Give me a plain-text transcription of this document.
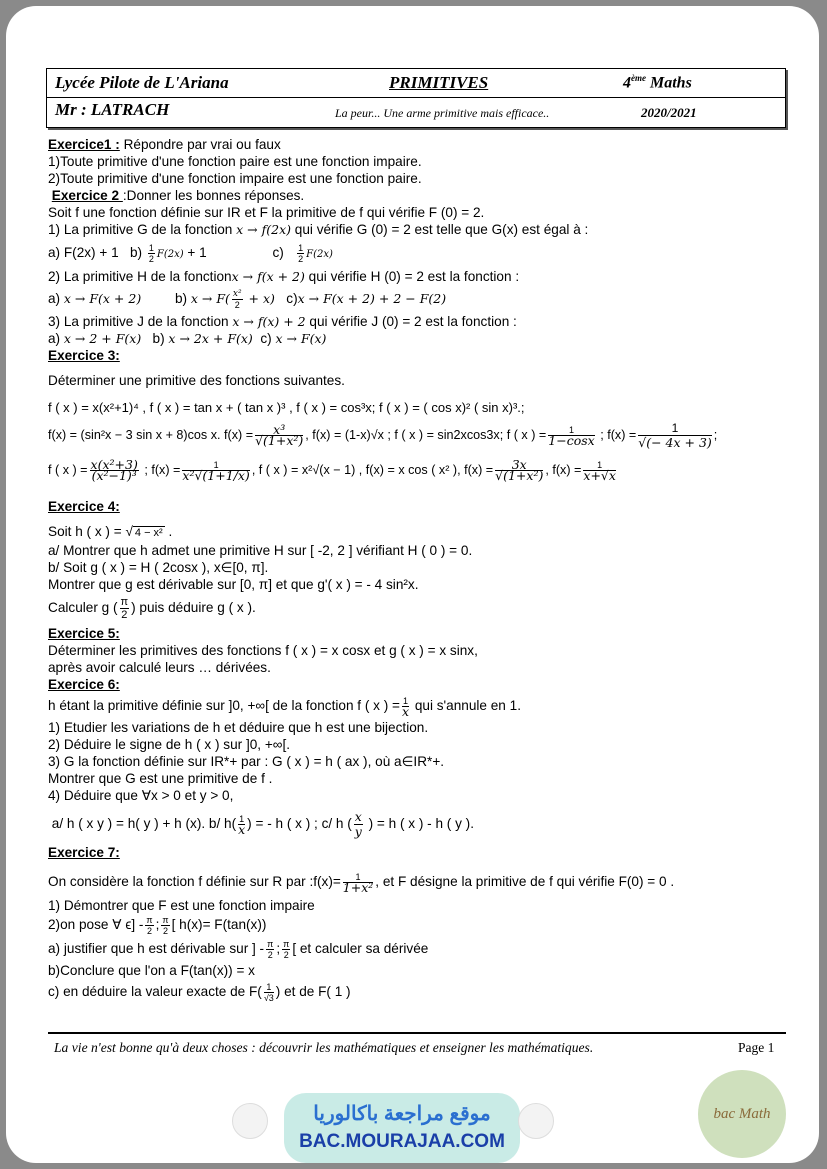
Lycée Pilote de L'Ariana	PRIMITIVES	4ème Maths
Mr : LATRACH	La peur... Une arme primitive mais efficace..	2020/2021

Exercice1 : Répondre par vrai ou faux

1)Toute primitive d'une fonction paire est une fonction impaire.

2)Toute primitive d'une fonction impaire est une fonction paire.

Exercice 2 :Donner les bonnes réponses.

Soit f une fonction définie sur IR et F la primitive de f qui vérifie F (0) = 2.

1) La primitive G de la fonction x → f(2x) qui vérifie G (0) = 2 est telle que G(x) est égal à :

a) F(2x) + 1 $b) \frac{1}{2} F(2x) + 1$	$c) \frac{1}{2} F(2x)$

2) La primitive H de la fonctionx → f(x + 2) qui vérifie H (0) = 2 est la fonction :

a) x → F(x + 2) b) $x \to F( \frac{\text{x²}}{2} + x)$ c)x → F(x + 2) + 2 − F(2)

3) La primitive J de la fonction x → f(x) + 2 qui vérifie J (0) = 2 est la fonction :

a) x → 2 + F(x) b) x → 2x + F(x) c) x → F(x)

Exercice 3:

Déterminer une primitive des fonctions suivantes.

f ( x ) = x(x²+1)⁴ , f ( x ) = tan x + ( tan x )³ , f ( x ) = cos³x; f ( x ) = ( cos x)² ( sin x)³.;

f(x) = (sin²x − 3 sin x + 8)cos x. $f(x) = \frac{\text{x³}}{\text{√(1+x²)}}$ , f(x) = (1-x)√x ; f ( x ) = sin2xcos3x; f ( x ) =	1
1−cosx ; $f(x) = \frac{1}{√(- 4x + 3)}$ ;

f ( x ) = $\frac{\text{x(x²+3)}}{\text{(x²−1)³}}$ ; f(x) =	1
x²√(1+1/x) , f ( x ) = x²√(x − 1) , f(x) = x cos ( x² ), $f(x) = \frac{3x}{\text{√(1+x²)}}$ , f(x) =	1
x+√x

Exercice 4:

Soit h ( x ) = √ 4 − x² .

a/ Montrer que h admet une primitive H sur [ -2, 2 ] vérifiant H ( 0 ) = 0.

b/ Soit g ( x ) = H ( 2cosx ), x∈[0, π].

Montrer que g est dérivable sur [0, π] et que g'( x ) = - 4 sin²x.

Calculer g ( $\frac{\pi}{2}$ ) puis déduire g ( x ).

Exercice 5:

Déterminer les primitives des fonctions f ( x ) = x cosx et g ( x ) = x sinx,

après avoir calculé leurs … dérivées.

Exercice 6:

h étant la primitive définie sur ]0, +∞[ de la fonction f ( x ) = 1
x qui s'annule en 1.

1) Etudier les variations de h et déduire que h est une bijection.

2) Déduire le signe de h ( x ) sur ]0, +∞[.

3) G la fonction définie sur IR*+ par : G ( x ) = h ( ax ), où a∈IR*+.

Montrer que G est une primitive de f .

4) Déduire que ∀x > 0 et y > 0,

a/ h ( x y ) = h( y ) + h (x). b/ h( 1
x ) = - h ( x ) ; c/ h ( $\frac{x}{y}$ ) = h ( x ) - h ( y ).

Exercice 7:

On considère la fonction f définie sur R par :f(x)=	1
1+x² , et F désigne la primitive de f qui vérifie F(0) = 0 .

1) Démontrer que F est une fonction impaire

2)on pose ∀ $\epsilon] - \frac{\pi}{2}$ ; $\frac{\pi}{2}$ [ h(x)= F(tan(x))

a) justifier que h est dérivable sur ] - $\frac{\pi}{2}$ ; $\frac{\pi}{2}$ [ et calculer sa dérivée

b)Conclure que l'on a F(tan(x)) = x

c) en déduire la valeur exacte de $F( \frac{1}{√3}$ ) et de F( 1 )

La vie n'est bonne qu'à deux choses : découvrir les mathématiques et enseigner les mathématiques.	Page 1
موقع مراجعة باكالوريا
BAC.MOURAJAA.COM
bac Math
